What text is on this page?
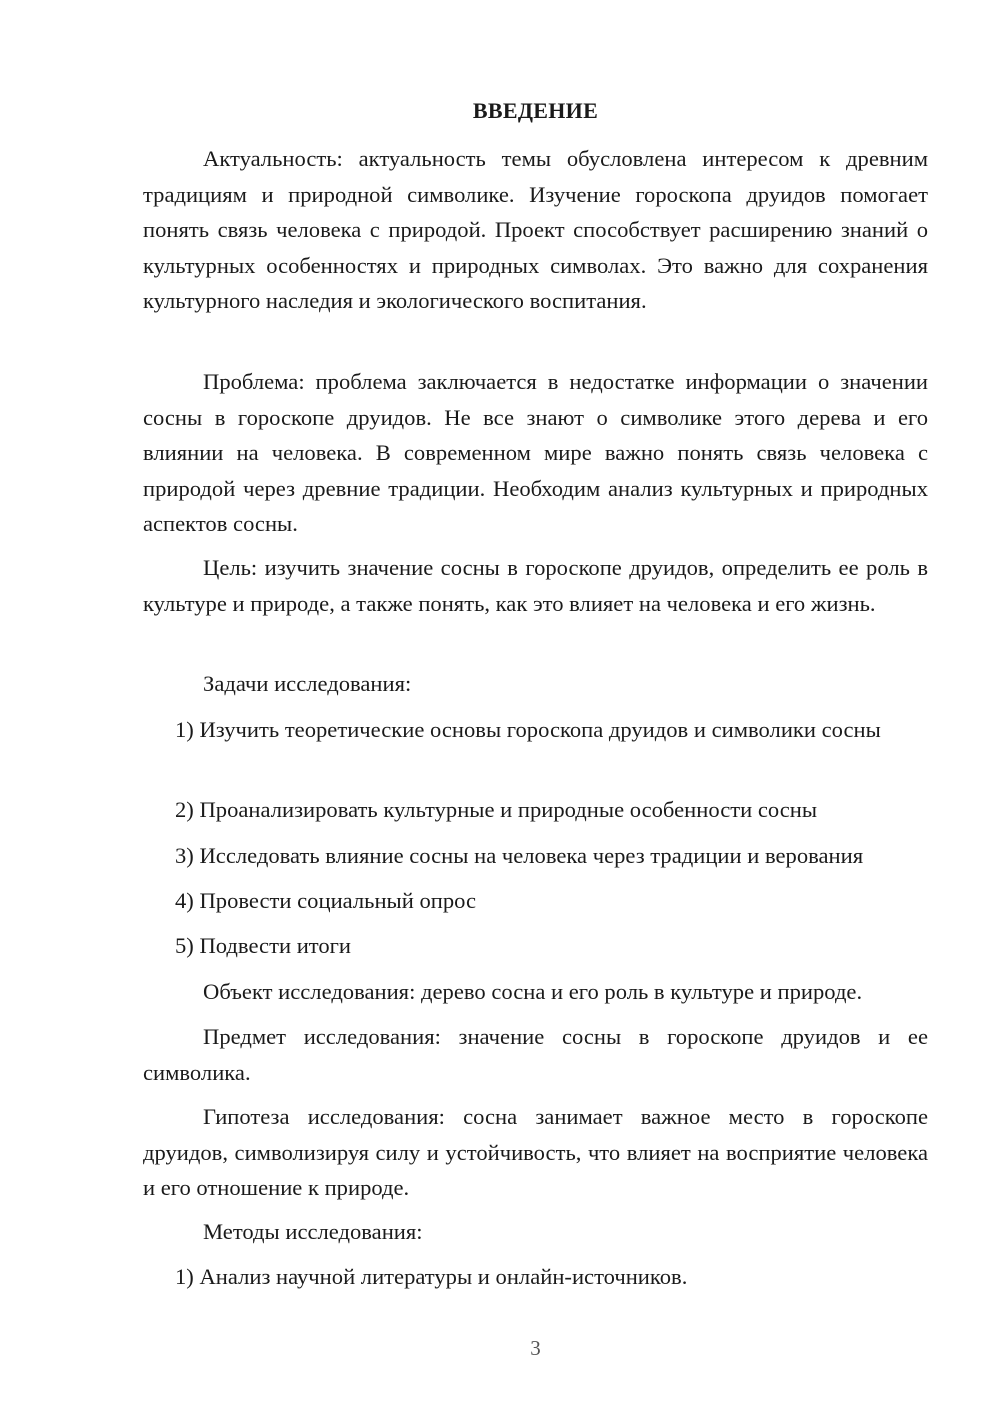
ВВЕДЕНИЕ

Актуальность: актуальность темы обусловлена интересом к древним традициям и природной символике. Изучение гороскопа друидов помогает понять связь человека с природой. Проект способствует расширению знаний о культурных особенностях и природных символах. Это важно для сохранения культурного наследия и экологического воспитания.

Проблема: проблема заключается в недостатке информации о значении сосны в гороскопе друидов. Не все знают о символике этого дерева и его влиянии на человека. В современном мире важно понять связь человека с природой через древние традиции. Необходим анализ культурных и природных аспектов сосны.

Цель: изучить значение сосны в гороскопе друидов, определить ее роль в культуре и природе, а также понять, как это влияет на человека и его жизнь.

Задачи исследования:

1) Изучить теоретические основы гороскопа друидов и символики сосны

2) Проанализировать культурные и природные особенности сосны

3) Исследовать влияние сосны на человека через традиции и верования

4) Провести социальный опрос

5) Подвести итоги

Объект исследования: дерево сосна и его роль в культуре и природе.

Предмет исследования: значение сосны в гороскопе друидов и ее символика.

Гипотеза исследования: сосна занимает важное место в гороскопе друидов, символизируя силу и устойчивость, что влияет на восприятие человека и его отношение к природе.

Методы исследования:

1) Анализ научной литературы и онлайн-источников.

3
